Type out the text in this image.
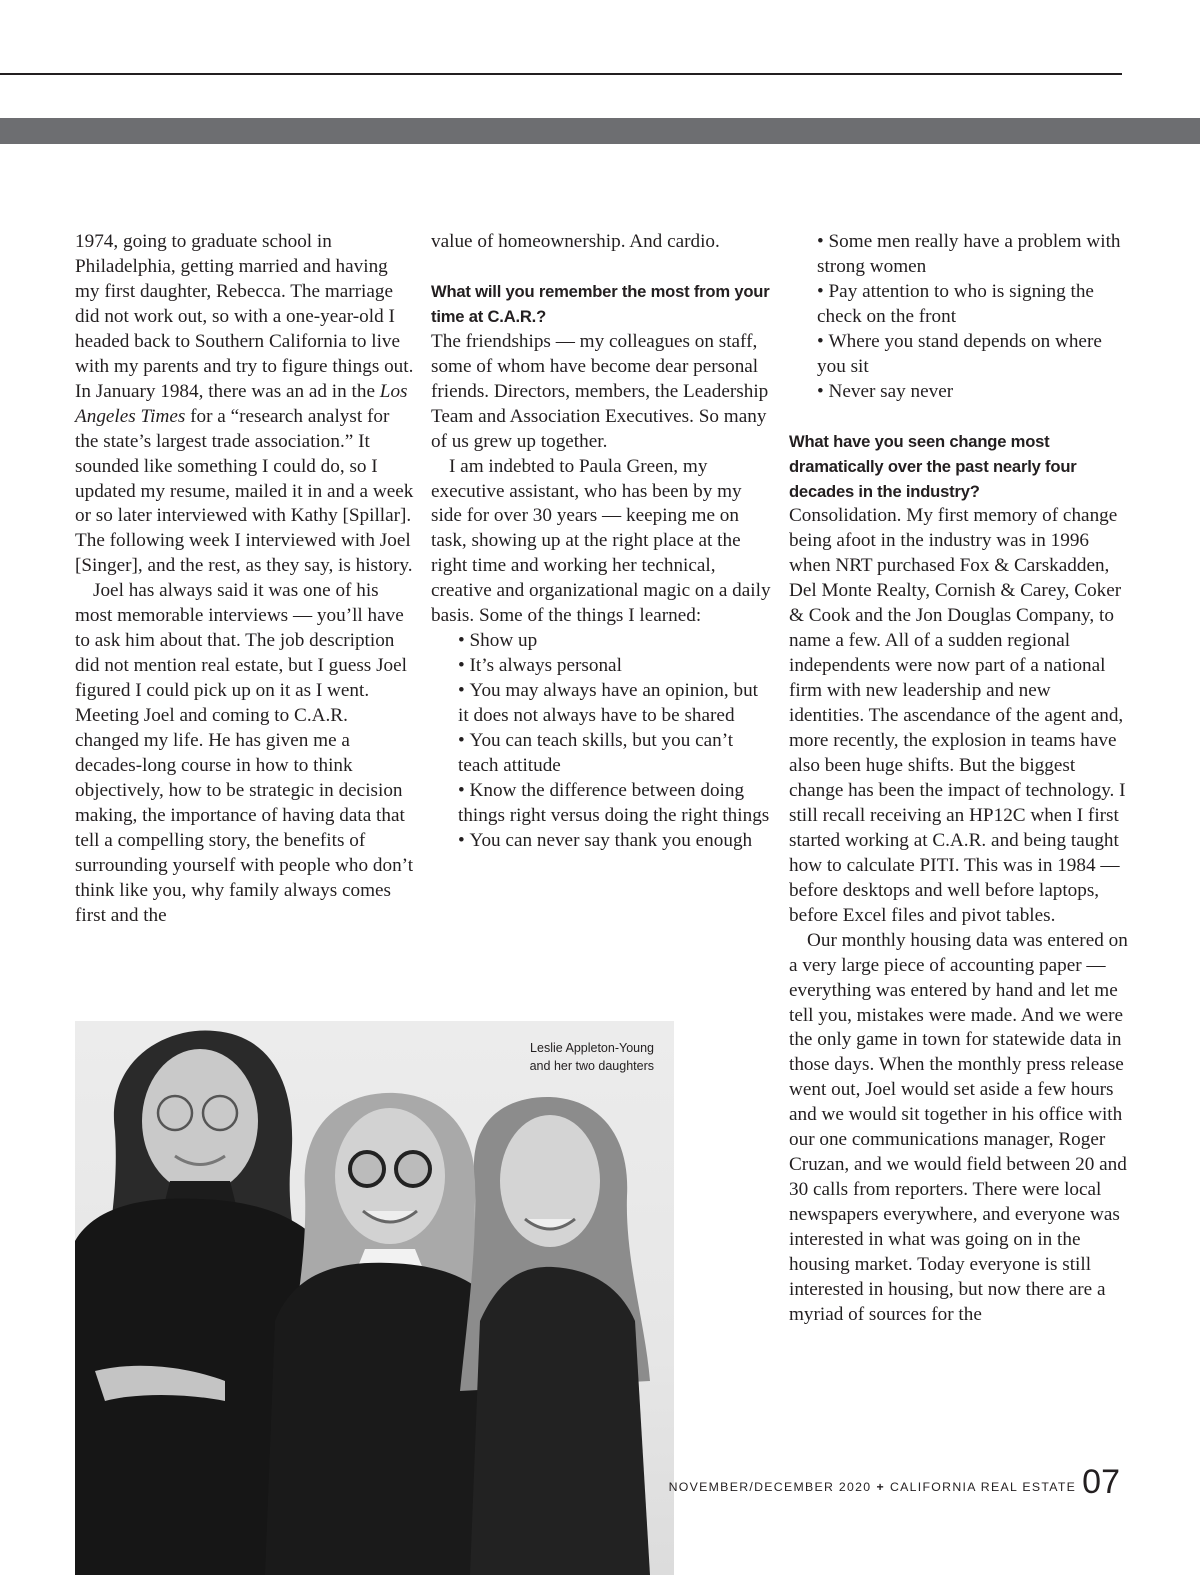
1974, going to graduate school in Philadelphia, getting married and having my first daughter, Rebecca. The marriage did not work out, so with a one-year-old I headed back to Southern California to live with my parents and try to figure things out. In January 1984, there was an ad in the Los Angeles Times for a “research analyst for the state’s largest trade association.” It sounded like something I could do, so I updated my resume, mailed it in and a week or so later interviewed with Kathy [Spillar]. The following week I interviewed with Joel [Singer], and the rest, as they say, is history.

Joel has always said it was one of his most memorable interviews — you’ll have to ask him about that. The job description did not mention real estate, but I guess Joel figured I could pick up on it as I went. Meeting Joel and coming to C.A.R. changed my life. He has given me a decades-long course in how to think objectively, how to be strategic in decision making, the importance of having data that tell a compelling story, the benefits of surrounding yourself with people who don’t think like you, why family always comes first and the

value of homeownership. And cardio.

What will you remember the most from your time at C.A.R.?

The friendships — my colleagues on staff, some of whom have become dear personal friends. Directors, members, the Leadership Team and Association Executives. So many of us grew up together.

I am indebted to Paula Green, my executive assistant, who has been by my side for over 30 years — keeping me on task, showing up at the right place at the right time and working her technical, creative and organizational magic on a daily basis. Some of the things I learned:

• Show up
• It’s always personal
• You may always have an opinion, but it does not always have to be shared
• You can teach skills, but you can’t teach attitude
• Know the difference between doing things right versus doing the right things
• You can never say thank you enough
• Some men really have a problem with strong women
• Pay attention to who is signing the check on the front
• Where you stand depends on where you sit
• Never say never

What have you seen change most dramatically over the past nearly four decades in the industry?

Consolidation. My first memory of change being afoot in the industry was in 1996 when NRT purchased Fox & Carskadden, Del Monte Realty, Cornish & Carey, Coker & Cook and the Jon Douglas Company, to name a few. All of a sudden regional independents were now part of a national firm with new leadership and new identities. The ascendance of the agent and, more recently, the explosion in teams have also been huge shifts. But the biggest change has been the impact of technology. I still recall receiving an HP12C when I first started working at C.A.R. and being taught how to calculate PITI. This was in 1984 — before desktops and well before laptops, before Excel files and pivot tables.

Our monthly housing data was entered on a very large piece of accounting paper — everything was entered by hand and let me tell you, mistakes were made. And we were the only game in town for statewide data in those days. When the monthly press release went out, Joel would set aside a few hours and we would sit together in his office with our one communications manager, Roger Cruzan, and we would field between 20 and 30 calls from reporters. There were local newspapers everywhere, and everyone was interested in what was going on in the housing market. Today everyone is still interested in housing, but now there are a myriad of sources for the

Leslie Appleton-Young
and her two daughters
NOVEMBER/DECEMBER 2020 + CALIFORNIA REAL ESTATE 07
